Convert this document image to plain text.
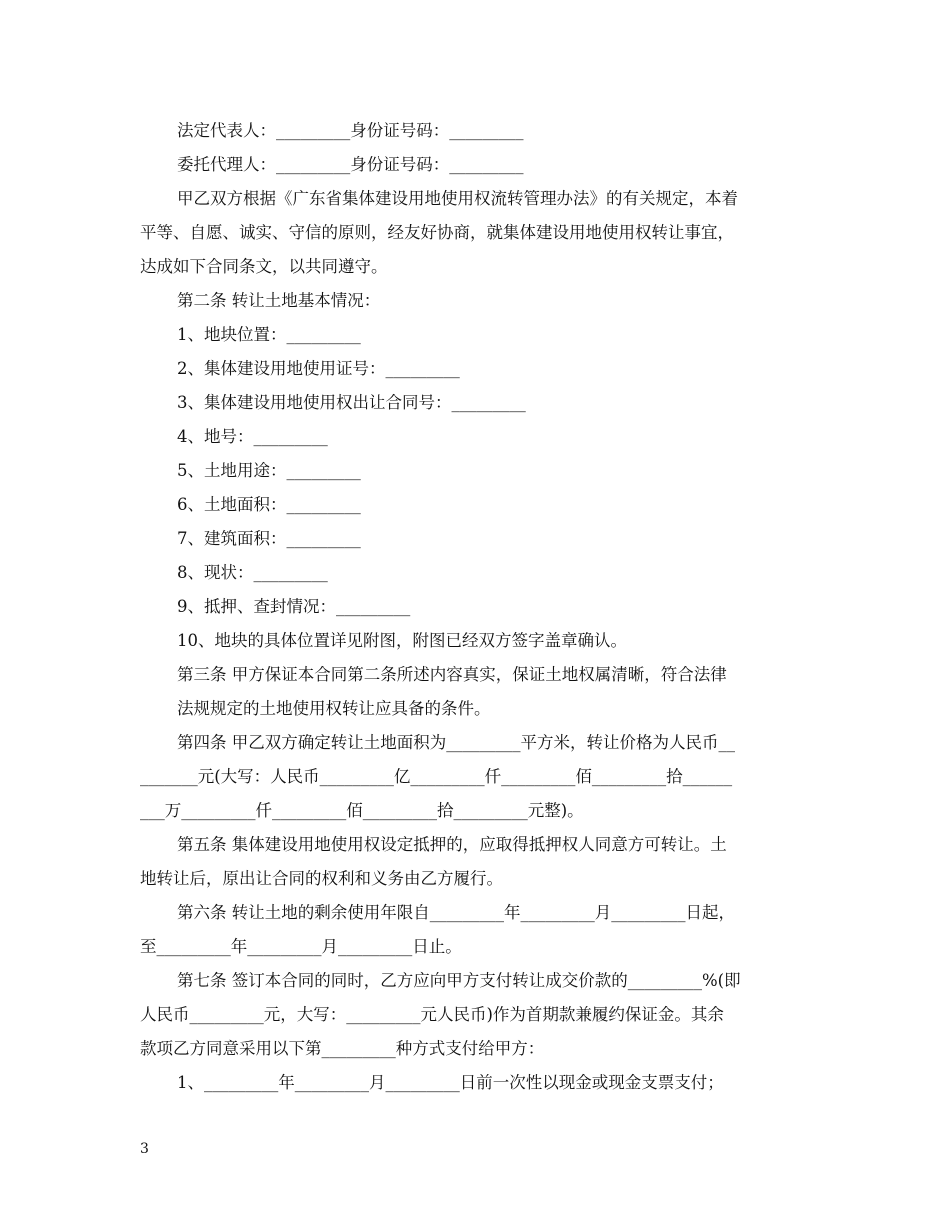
法定代表人：_________身份证号码：_________
委托代理人：_________身份证号码：_________
甲乙双方根据《广东省集体建设用地使用权流转管理办法》的有关规定，本着
平等、自愿、诚实、守信的原则，经友好协商，就集体建设用地使用权转让事宜，
达成如下合同条文，以共同遵守。
第二条 转让土地基本情况：
1、地块位置：_________
2、集体建设用地使用证号：_________
3、集体建设用地使用权出让合同号：_________
4、地号：_________
5、土地用途：_________
6、土地面积：_________
7、建筑面积：_________
8、现状：_________
9、抵押、查封情况：_________
10、地块的具体位置详见附图，附图已经双方签字盖章确认。
第三条 甲方保证本合同第二条所述内容真实，保证土地权属清晰，符合法律
法规规定的土地使用权转让应具备的条件。
第四条 甲乙双方确定转让土地面积为_________平方米，转让价格为人民币__
_______元(大写：人民币_________亿_________仟_________佰_________拾______
___万_________仟_________佰_________拾_________元整)。
第五条 集体建设用地使用权设定抵押的，应取得抵押权人同意方可转让。土
地转让后，原出让合同的权利和义务由乙方履行。
第六条 转让土地的剩余使用年限自_________年_________月_________日起，
至_________年_________月_________日止。
第七条 签订本合同的同时，乙方应向甲方支付转让成交价款的_________%(即
人民币_________元，大写：_________元人民币)作为首期款兼履约保证金。其余
款项乙方同意采用以下第_________种方式支付给甲方：
1、_________年_________月_________日前一次性以现金或现金支票支付；
3
